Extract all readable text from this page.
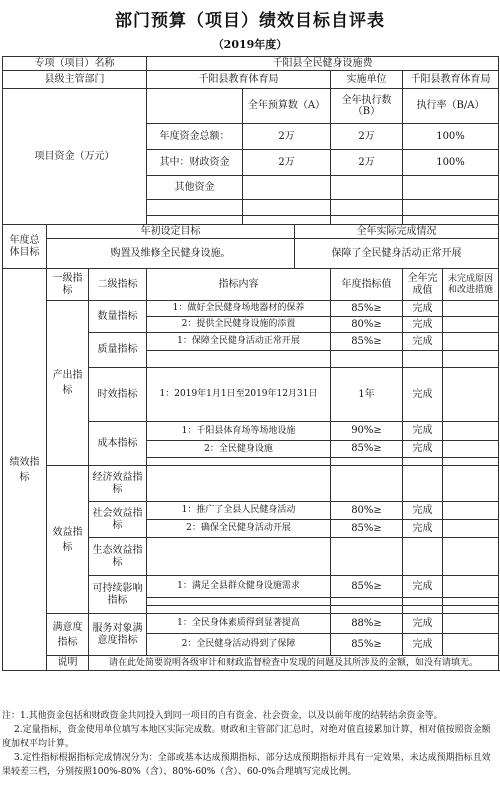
部门预算（项目）绩效目标自评表
（2019年度）
专项（项目）名称			千阳县全民健身设施费					
县级主管部门			千阳县教育体育局			实施单位	千阳县教育体育局	
项目资金（万元）				全年预算数（A）		全年执行数（B）	执行率（B/A）	
			年度资金总额：	2万		2万	100%	
			其中：财政资金	2万		2万	100%	
			其他资金					

年度总体目标	年初设定目标				全年实际完成情况			
	购置及维修全民健身设施。				保障了全民健身活动正常开展			
绩效指标	一级指标	二级指标	指标内容			年度指标值	全年完成值	未完成原因和改进措施
	产出指标	数量指标	1：做好全民健身场地器材的保养			85%≥	完成	
			2：提供全民健身设施的添置			80%≥	完成	
		质量指标	1：保障全民健身活动正常开展			85%≥	完成	

		时效指标	1：2019年1月1日至2019年12月31日			1年	完成	
		成本指标	1：千阳县体育场等场地设施			90%≥	完成	
			2：全民健身设施			85%≥	完成	

	效益指标	经济效益指标						
		社会效益指标	1：推广了全县人民健身活动			80%≥	完成	
			2：确保全民健身活动开展			85%≥	完成	
		生态效益指标						
		可持续影响指标	1：满足全县群众健身设施需求			85%≥	完成	

	满意度指标	服务对象满意度指标	1：全民身体素质得到显著提高			88%≥	完成	
			2：全民健身活动得到了保障			85%≥	完成	
	说明	请在此处简要说明各级审计和财政监督检查中发现的问题及其所涉及的金额，如没有请填无。						

注：1.其他资金包括和财政资金共同投入到同一项目的自有资金、社会资金，以及以前年度的结转结余资金等。

2.定量指标，资金使用单位填写本地区实际完成数。财政和主管部门汇总时，对绝对值直接累加计算，相对值按照资金额度加权平均计算。

3.定性指标根据指标完成情况分为：全部或基本达成预期指标、部分达成预期指标并具有一定效果、未达成预期指标且效果较差三档，分别按照100%-80%（含）、80%-60%（含）、60-0%合理填写完成比例。
